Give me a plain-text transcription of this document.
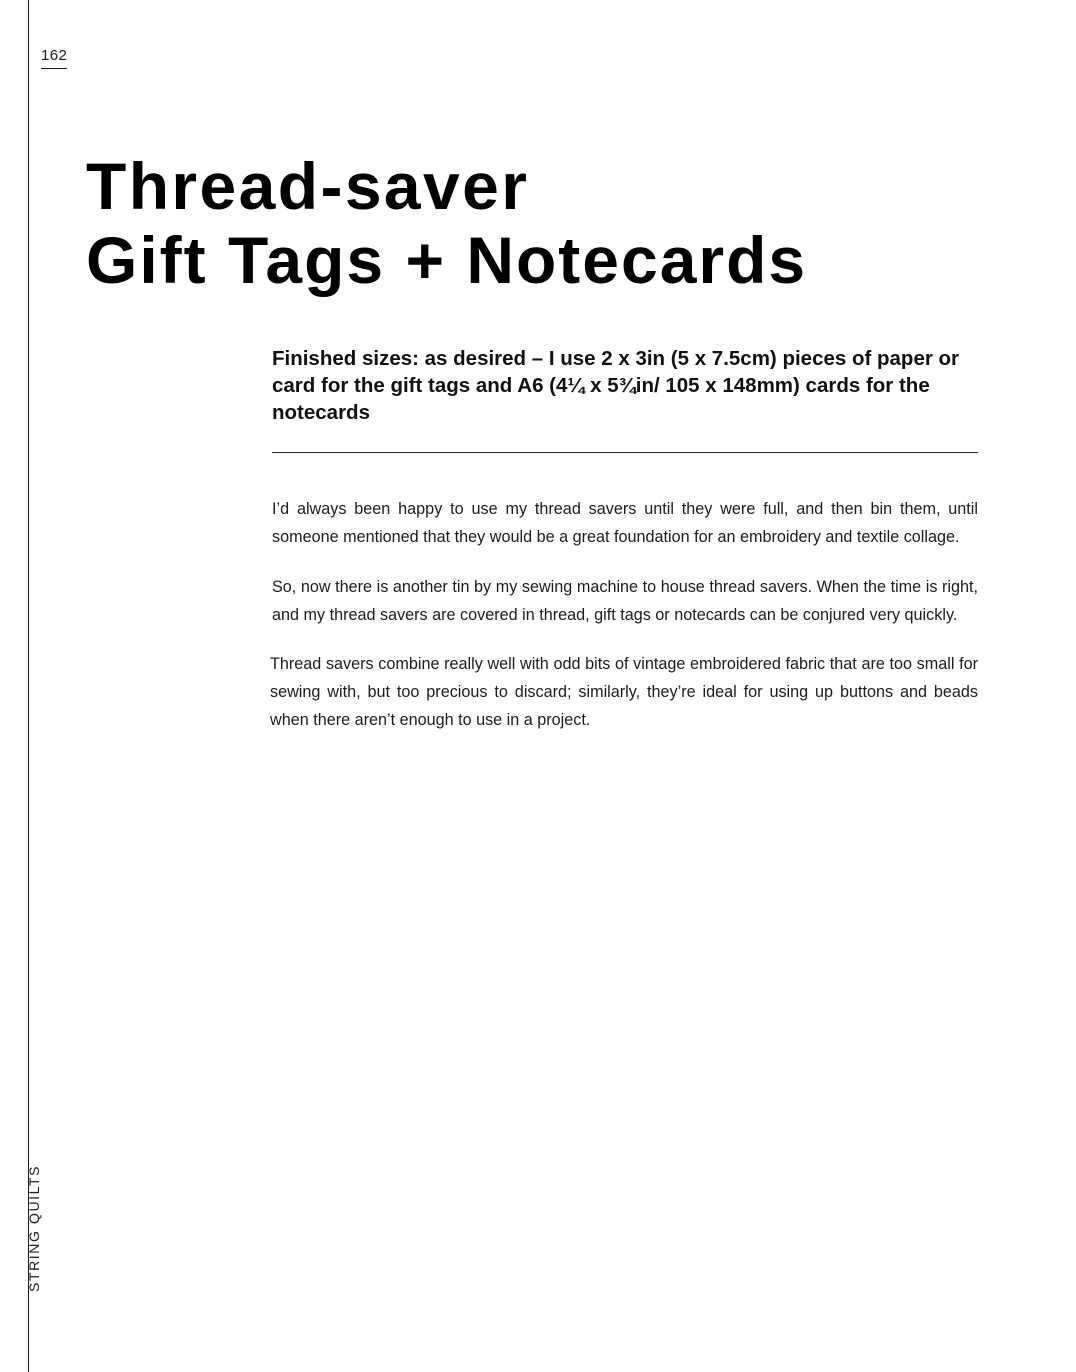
162
STRING QUILTS
Thread-saver
Gift Tags + Notecards
Finished sizes: as desired – I use 2 x 3in (5 x 7.5cm) pieces of paper or card for the gift tags and A6 (4¼ x 5¾in/ 105 x 148mm) cards for the notecards

I’d always been happy to use my thread savers until they were full, and then bin them, until someone mentioned that they would be a great foundation for an embroidery and textile collage.

So, now there is another tin by my sewing machine to house thread savers. When the time is right, and my thread savers are covered in thread, gift tags or notecards can be conjured very quickly.

Thread savers combine really well with odd bits of vintage embroidered fabric that are too small for sewing with, but too precious to discard; similarly, they’re ideal for using up buttons and beads when there aren’t enough to use in a project.
